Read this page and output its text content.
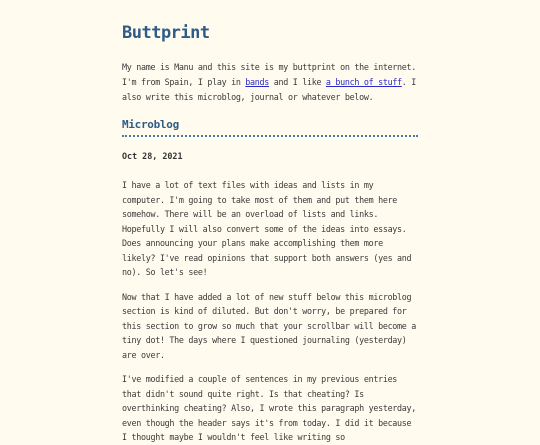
Buttprint

My name is Manu and this site is my buttprint on the internet. I'm from Spain, I play in bands and I like a bunch of stuff. I also write this microblog, journal or whatever below.

Microblog
Oct 28, 2021

I have a lot of text files with ideas and lists in my computer. I'm going to take most of them and put them here somehow. There will be an overload of lists and links. Hopefully I will also convert some of the ideas into essays. Does announcing your plans make accomplishing them more likely? I've read opinions that support both answers (yes and no). So let's see!

Now that I have added a lot of new stuff below this microblog section is kind of diluted. But don't worry, be prepared for this section to grow so much that your scrollbar will become a tiny dot! The days where I questioned journaling (yesterday) are over.

I've modified a couple of sentences in my previous entries that didn't sound quite right. Is that cheating? Is overthinking cheating? Also, I wrote this paragraph yesterday, even though the header says it's from today. I did it because I thought maybe I wouldn't feel like writing so
